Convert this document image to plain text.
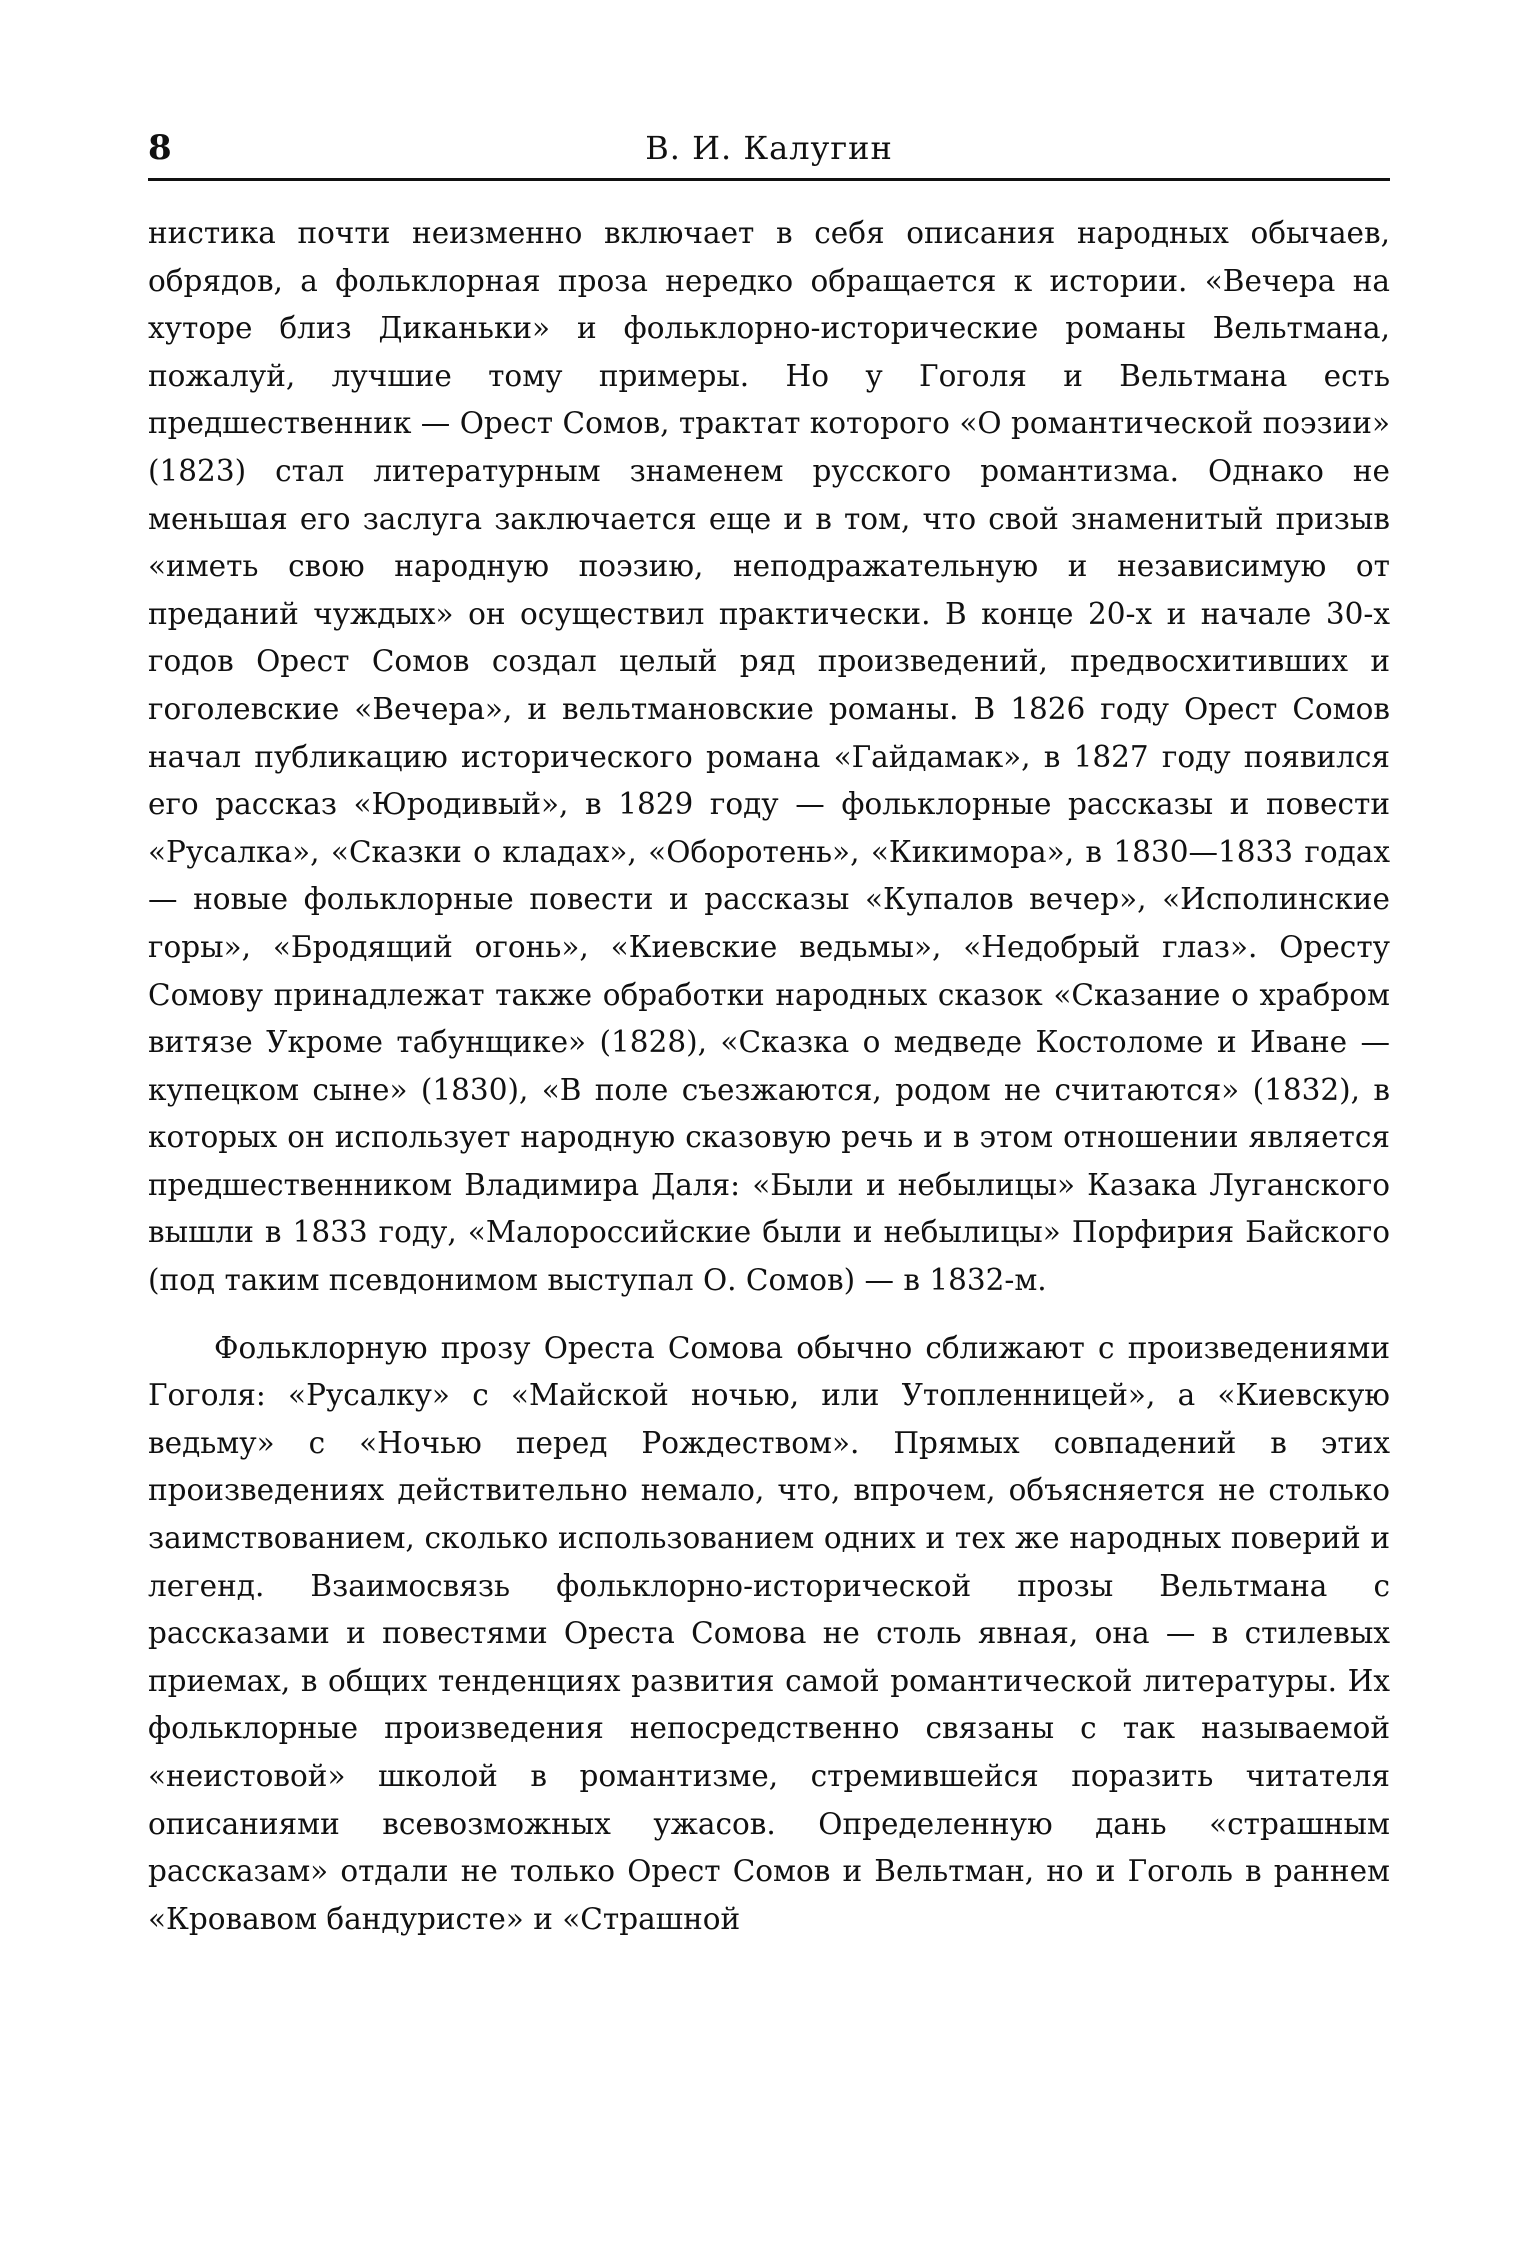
8	В. И. Калугин

нистика почти неизменно включает в себя описания народных обычаев, обрядов, а фольклорная проза нередко обращается к истории. «Вечера на хуторе близ Диканьки» и фольклорно-исторические романы Вельтмана, пожалуй, лучшие тому примеры. Но у Гоголя и Вельтмана есть предшественник — Орест Сомов, трактат которого «О романтической поэзии» (1823) стал литературным знаменем русского романтизма. Однако не меньшая его заслуга заключается еще и в том, что свой знаменитый призыв «иметь свою народную поэзию, неподражательную и независимую от преданий чуждых» он осуществил практически. В конце 20-х и начале 30-х годов Орест Сомов создал целый ряд произведений, предвосхитивших и гоголевские «Вечера», и вельтмановские романы. В 1826 году Орест Сомов начал публикацию исторического романа «Гайдамак», в 1827 году появился его рассказ «Юродивый», в 1829 году — фольклорные рассказы и повести «Русалка», «Сказки о кладах», «Оборотень», «Кикимора», в 1830—1833 годах — новые фольклорные повести и рассказы «Купалов вечер», «Исполинские горы», «Бродящий огонь», «Киевские ведьмы», «Недобрый глаз». Оресту Сомову принадлежат также обработки народных сказок «Сказание о храбром витязе Укроме табунщике» (1828), «Сказка о медведе Костоломе и Иване — купецком сыне» (1830), «В поле съезжаются, родом не считаются» (1832), в которых он использует народную сказовую речь и в этом отношении является предшественником Владимира Даля: «Были и небылицы» Казака Луганского вышли в 1833 году, «Малороссийские были и небылицы» Порфирия Байского (под таким псевдонимом выступал О. Сомов) — в 1832-м.

Фольклорную прозу Ореста Сомова обычно сближают с произведениями Гоголя: «Русалку» с «Майской ночью, или Утопленницей», а «Киевскую ведьму» с «Ночью перед Рождеством». Прямых совпадений в этих произведениях действительно немало, что, впрочем, объясняется не столько заимствованием, сколько использованием одних и тех же народных поверий и легенд. Взаимосвязь фольклорно-исторической прозы Вельтмана с рассказами и повестями Ореста Сомова не столь явная, она — в стилевых приемах, в общих тенденциях развития самой романтической литературы. Их фольклорные произведения непосредственно связаны с так называемой «неистовой» школой в романтизме, стремившейся поразить читателя описаниями всевозможных ужасов. Определенную дань «страшным рассказам» отдали не только Орест Сомов и Вельтман, но и Гоголь в раннем «Кровавом бандуристе» и «Страшной
